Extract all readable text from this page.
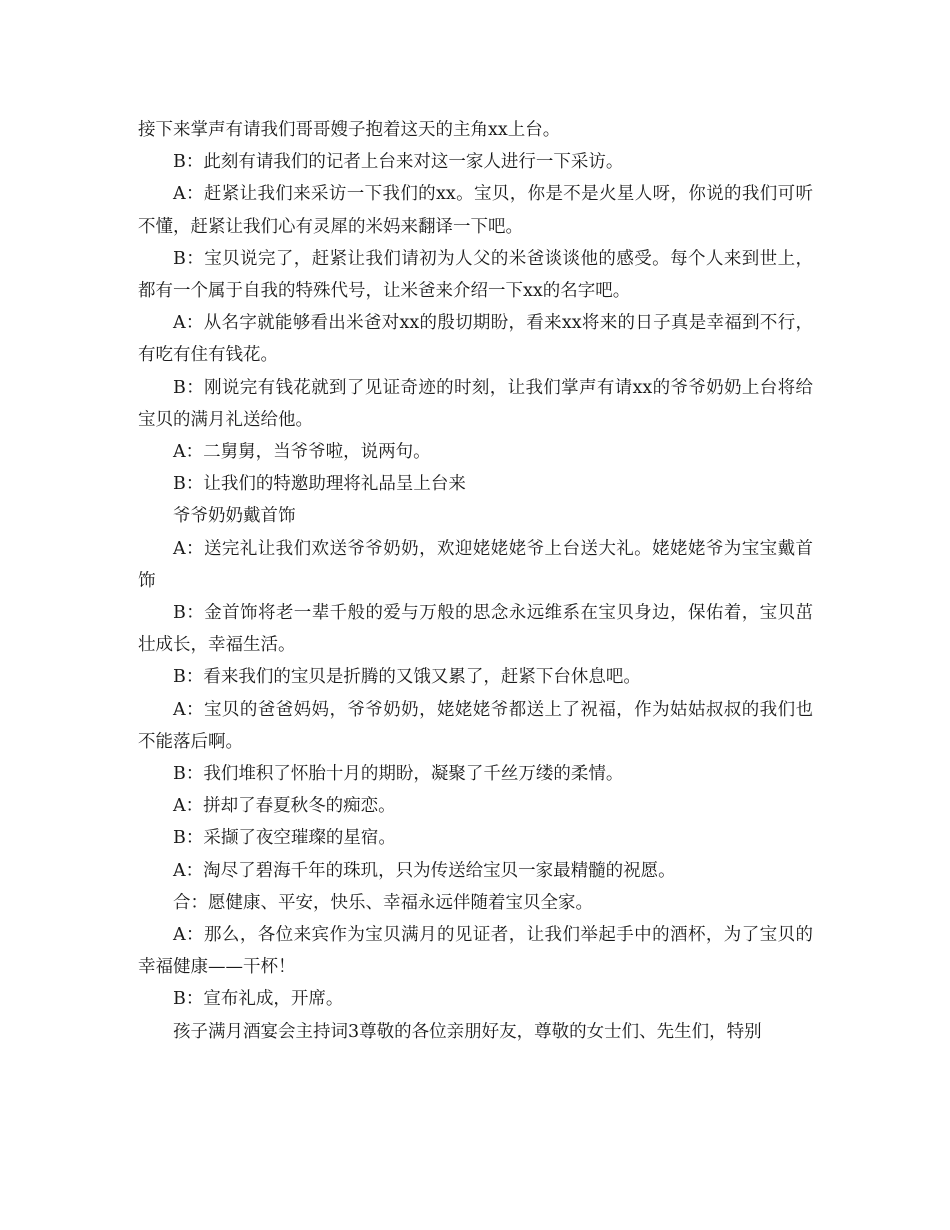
接下来掌声有请我们哥哥嫂子抱着这天的主角xx上台。

B：此刻有请我们的记者上台来对这一家人进行一下采访。

A：赶紧让我们来采访一下我们的xx。宝贝，你是不是火星人呀，你说的我们可听不懂，赶紧让我们心有灵犀的米妈来翻译一下吧。

B：宝贝说完了，赶紧让我们请初为人父的米爸谈谈他的感受。每个人来到世上，都有一个属于自我的特殊代号，让米爸来介绍一下xx的名字吧。

A：从名字就能够看出米爸对xx的殷切期盼，看来xx将来的日子真是幸福到不行，有吃有住有钱花。

B：刚说完有钱花就到了见证奇迹的时刻，让我们掌声有请xx的爷爷奶奶上台将给宝贝的满月礼送给他。

A：二舅舅，当爷爷啦，说两句。

B：让我们的特邀助理将礼品呈上台来

爷爷奶奶戴首饰

A：送完礼让我们欢送爷爷奶奶，欢迎姥姥姥爷上台送大礼。姥姥姥爷为宝宝戴首饰

B：金首饰将老一辈千般的爱与万般的思念永远维系在宝贝身边，保佑着，宝贝茁壮成长，幸福生活。

B：看来我们的宝贝是折腾的又饿又累了，赶紧下台休息吧。

A：宝贝的爸爸妈妈，爷爷奶奶，姥姥姥爷都送上了祝福，作为姑姑叔叔的我们也不能落后啊。

B：我们堆积了怀胎十月的期盼，凝聚了千丝万缕的柔情。

A：拼却了春夏秋冬的痴恋。

B：采撷了夜空璀璨的星宿。

A：淘尽了碧海千年的珠玑，只为传送给宝贝一家最精髓的祝愿。

合：愿健康、平安，快乐、幸福永远伴随着宝贝全家。

A：那么，各位来宾作为宝贝满月的见证者，让我们举起手中的酒杯，为了宝贝的幸福健康——干杯！

B：宣布礼成，开席。

孩子满月酒宴会主持词3尊敬的各位亲朋好友，尊敬的女士们、先生们，特别
